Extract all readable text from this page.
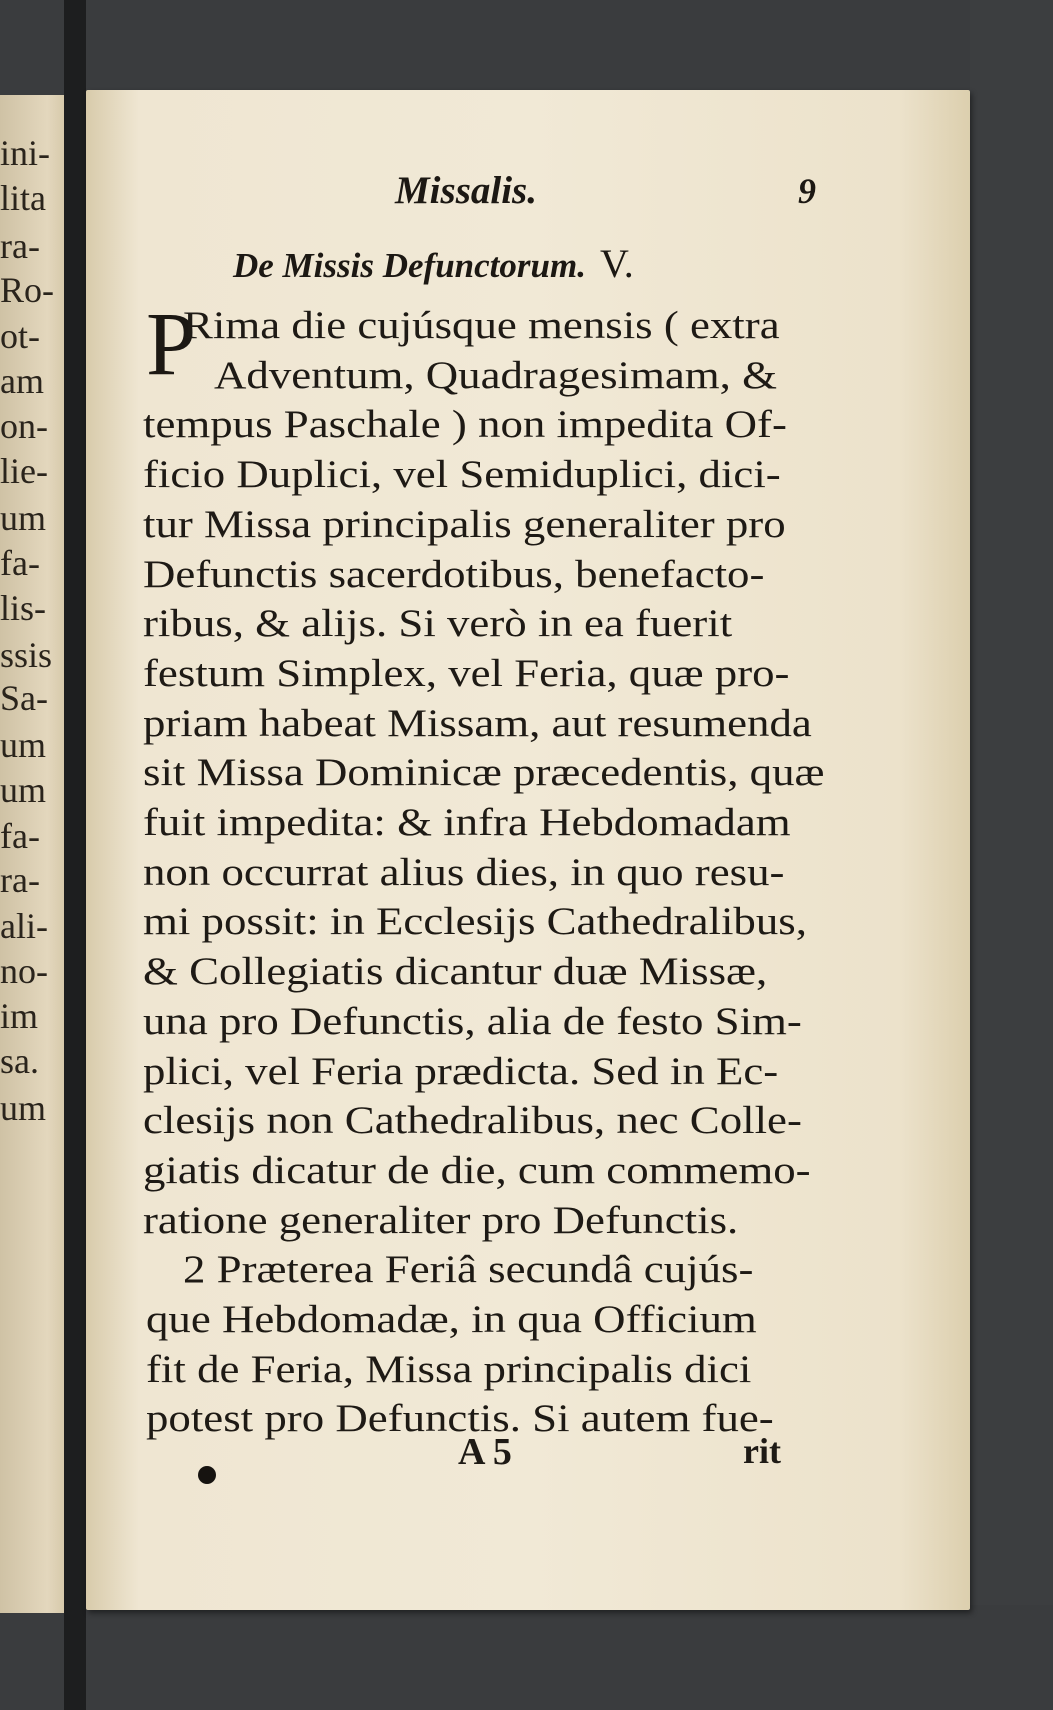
ini-
lita
ra-
Ro-
ot-
am
on-
lie-
um
fa-
lis-
ssis
Sa-
um
um
fa-
ra-
ali-
no-
im
sa.
um
Missalis.	9
De Missis Defunctorum. V.
P
Rima die cujúsque mensis ( extra
Adventum, Quadragesimam, &
tempus Paschale ) non impedita Of-
ficio Duplici, vel Semiduplici, dici-
tur Missa principalis generaliter pro
Defunctis sacerdotibus, benefacto-
ribus, & alijs. Si verò in ea fuerit
festum Simplex, vel Feria, quæ pro-
priam habeat Missam, aut resumenda
sit Missa Dominicæ præcedentis, quæ
fuit impedita: & infra Hebdomadam
non occurrat alius dies, in quo resu-
mi possit: in Ecclesijs Cathedralibus,
& Collegiatis dicantur duæ Missæ,
una pro Defunctis, alia de festo Sim-
plici, vel Feria prædicta. Sed in Ec-
clesijs non Cathedralibus, nec Colle-
giatis dicatur de die, cum commemo-
ratione generaliter pro Defunctis.
2 Præterea Feriâ secundâ cujús-
que Hebdomadæ, in qua Officium
fit de Feria, Missa principalis dici
potest pro Defunctis. Si autem fue-
A 5	rit
